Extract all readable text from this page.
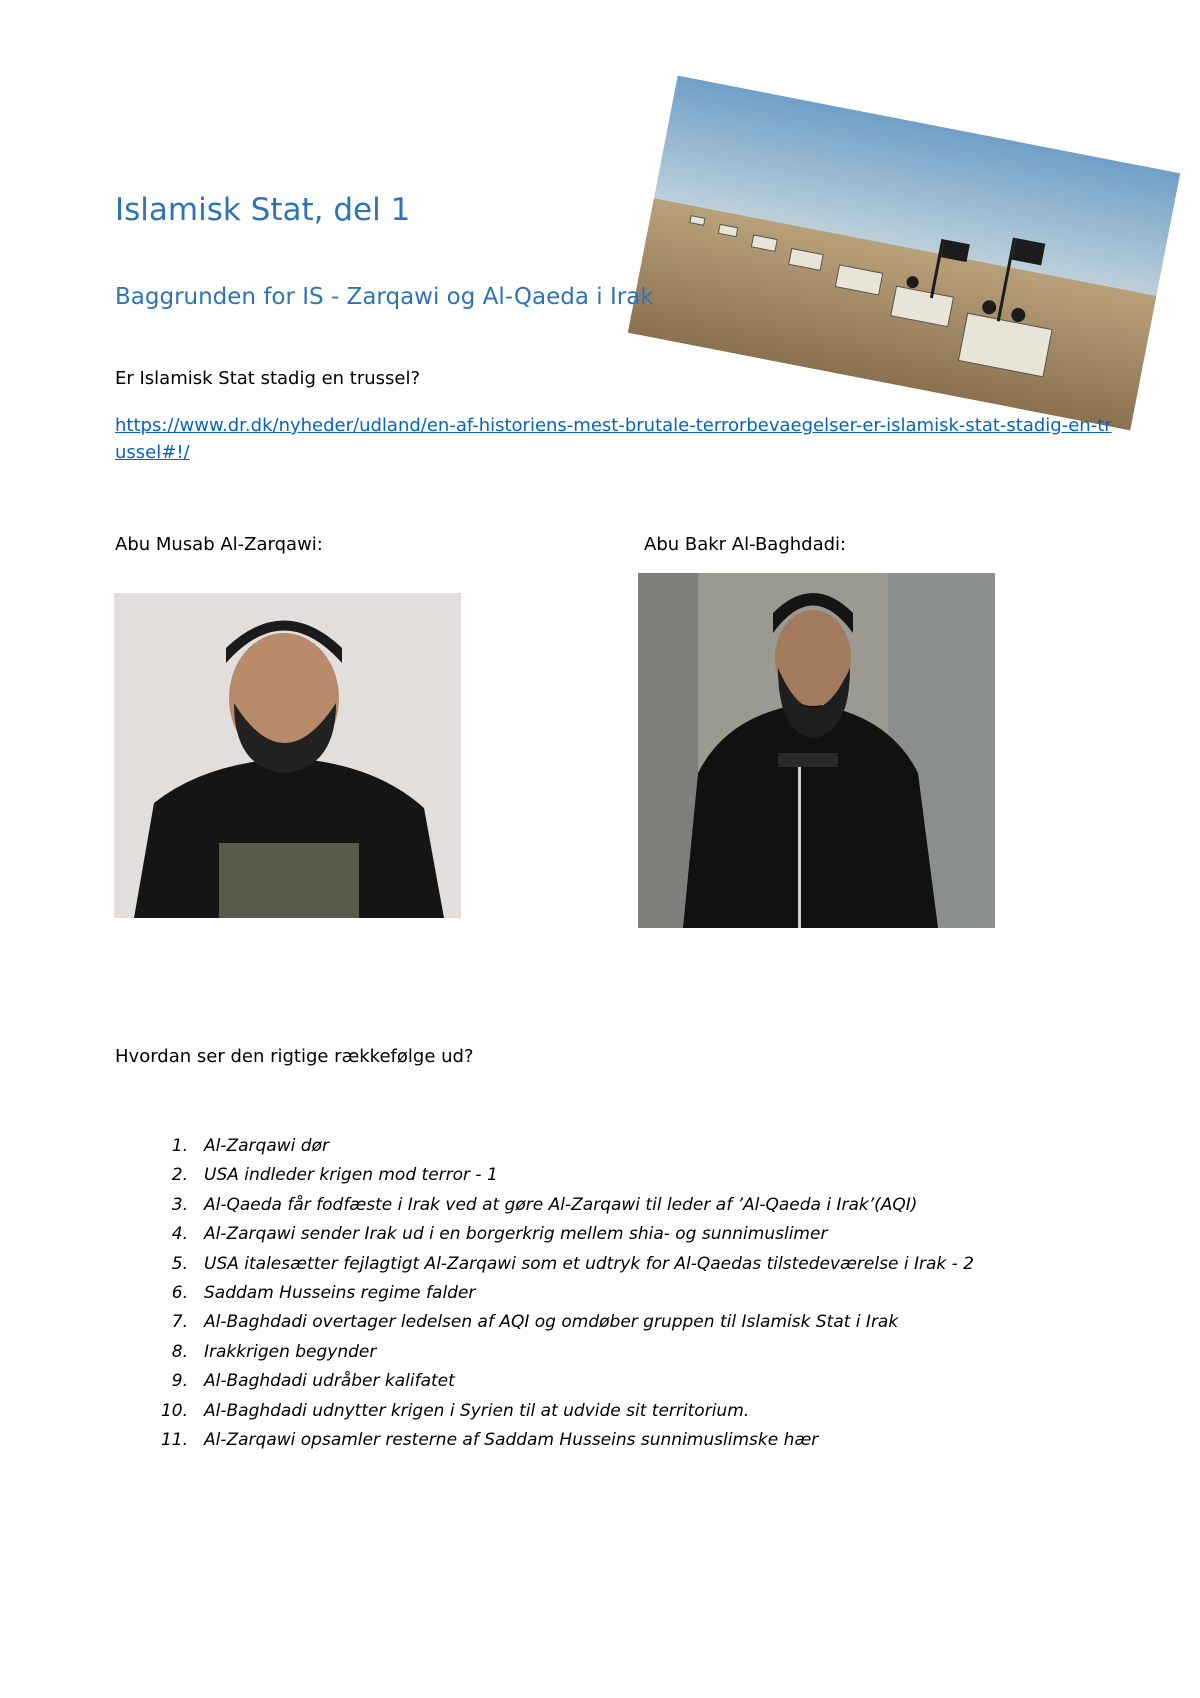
Islamisk Stat, del 1
Baggrunden for IS - Zarqawi og Al-Qaeda i Irak
Er Islamisk Stat stadig en trussel?
https://www.dr.dk/nyheder/udland/en-af-historiens-mest-brutale-terrorbevaegelser-er-islamisk-stat-stadig-en-trussel#!/
Abu Musab Al-Zarqawi:	Abu Bakr Al-Baghdadi:
Hvordan ser den rigtige rækkefølge ud?
1. Al-Zarqawi dør
2. USA indleder krigen mod terror - 1
3. Al-Qaeda får fodfæste i Irak ved at gøre Al-Zarqawi til leder af ’Al-Qaeda i Irak’(AQI)
4. Al-Zarqawi sender Irak ud i en borgerkrig mellem shia- og sunnimuslimer
5. USA italesætter fejlagtigt Al-Zarqawi som et udtryk for Al-Qaedas tilstedeværelse i Irak - 2
6. Saddam Husseins regime falder
7. Al-Baghdadi overtager ledelsen af AQI og omdøber gruppen til Islamisk Stat i Irak
8. Irakkrigen begynder
9. Al-Baghdadi udråber kalifatet
10. Al-Baghdadi udnytter krigen i Syrien til at udvide sit territorium.
11. Al-Zarqawi opsamler resterne af Saddam Husseins sunnimuslimske hær
